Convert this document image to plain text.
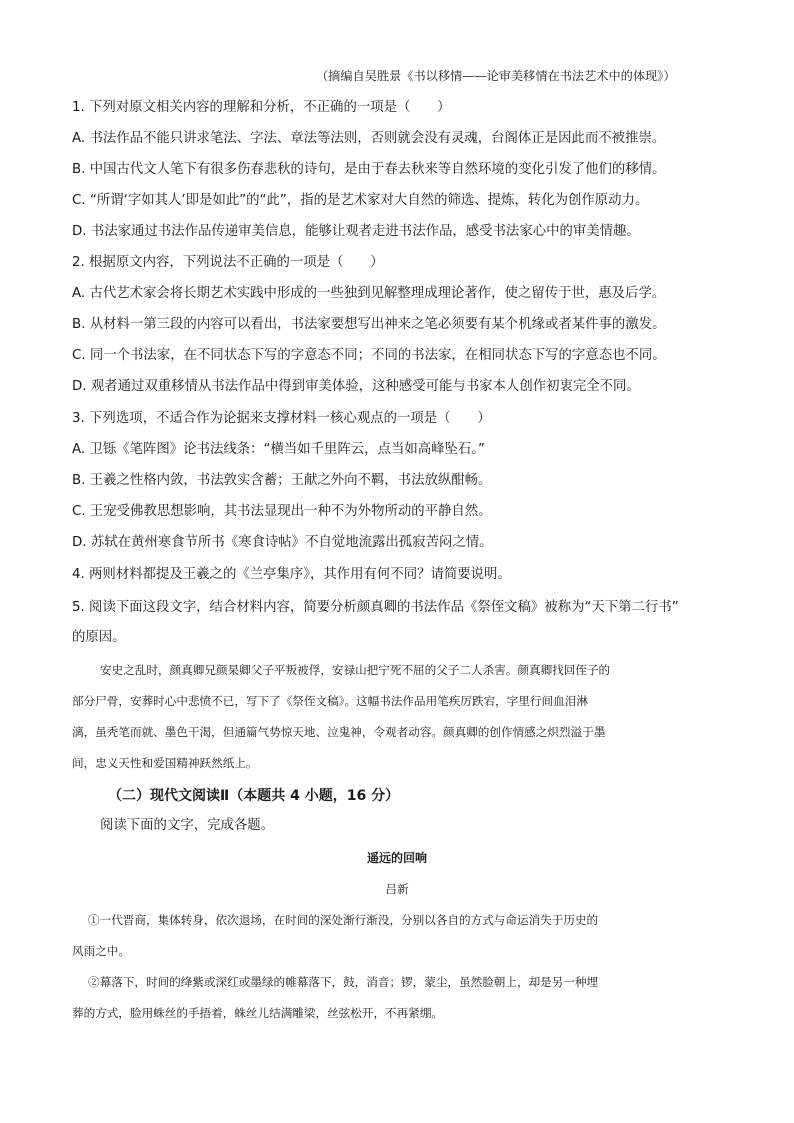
（摘编自吴胜景《书以移情——论审美移情在书法艺术中的体现》）
1. 下列对原文相关内容的理解和分析，不正确的一项是（　　）
A. 书法作品不能只讲求笔法、字法、章法等法则，否则就会没有灵魂，台阁体正是因此而不被推崇。
B. 中国古代文人笔下有很多伤春悲秋的诗句，是由于春去秋来等自然环境的变化引发了他们的移情。
C. “所谓‘字如其人’即是如此”的“此”，指的是艺术家对大自然的筛选、提炼，转化为创作原动力。
D. 书法家通过书法作品传递审美信息，能够让观者走进书法作品，感受书法家心中的审美情趣。
2. 根据原文内容，下列说法不正确的一项是（　　）
A. 古代艺术家会将长期艺术实践中形成的一些独到见解整理成理论著作，使之留传于世，惠及后学。
B. 从材料一第三段的内容可以看出，书法家要想写出神来之笔必须要有某个机缘或者某件事的激发。
C. 同一个书法家，在不同状态下写的字意态不同；不同的书法家，在相同状态下写的字意态也不同。
D. 观者通过双重移情从书法作品中得到审美体验，这种感受可能与书家本人创作初衷完全不同。
3. 下列选项，不适合作为论据来支撑材料一核心观点的一项是（　　）
A. 卫铄《笔阵图》论书法线条：“横当如千里阵云，点当如高峰坠石。”
B. 王羲之性格内敛，书法敦实含蓄；王献之外向不羁，书法放纵酣畅。
C. 王宠受佛教思想影响，其书法显现出一种不为外物所动的平静自然。
D. 苏轼在黄州寒食节所书《寒食诗帖》不自觉地流露出孤寂苦闷之情。
4. 两则材料都提及王羲之的《兰亭集序》，其作用有何不同？请简要说明。
5. 阅读下面这段文字，结合材料内容，简要分析颜真卿的书法作品《祭侄文稿》被称为“天下第二行书”
的原因。
安史之乱时，颜真卿兄颜杲卿父子平叛被俘，安禄山把宁死不屈的父子二人杀害。颜真卿找回侄子的
部分尸骨，安葬时心中悲愤不已，写下了《祭侄文稿》。这幅书法作品用笔疾厉跌宕，字里行间血泪淋
漓，虽秃笔而就、墨色干渴，但通篇气势惊天地、泣鬼神，令观者动容。颜真卿的创作情感之炽烈溢于墨
间，忠义天性和爱国精神跃然纸上。
（二）现代文阅读Ⅱ（本题共 4 小题，16 分）
阅读下面的文字，完成各题。
遥远的回响
吕新
①一代晋商，集体转身，依次退场，在时间的深处渐行渐没，分别以各自的方式与命运消失于历史的
风雨之中。
②幕落下，时间的绛紫或深红或墨绿的帷幕落下，鼓，消音；锣，蒙尘，虽然脸朝上，却是另一种埋
葬的方式，脸用蛛丝的手捂着，蛛丝儿结满雕梁，丝弦松开，不再紧绷。
